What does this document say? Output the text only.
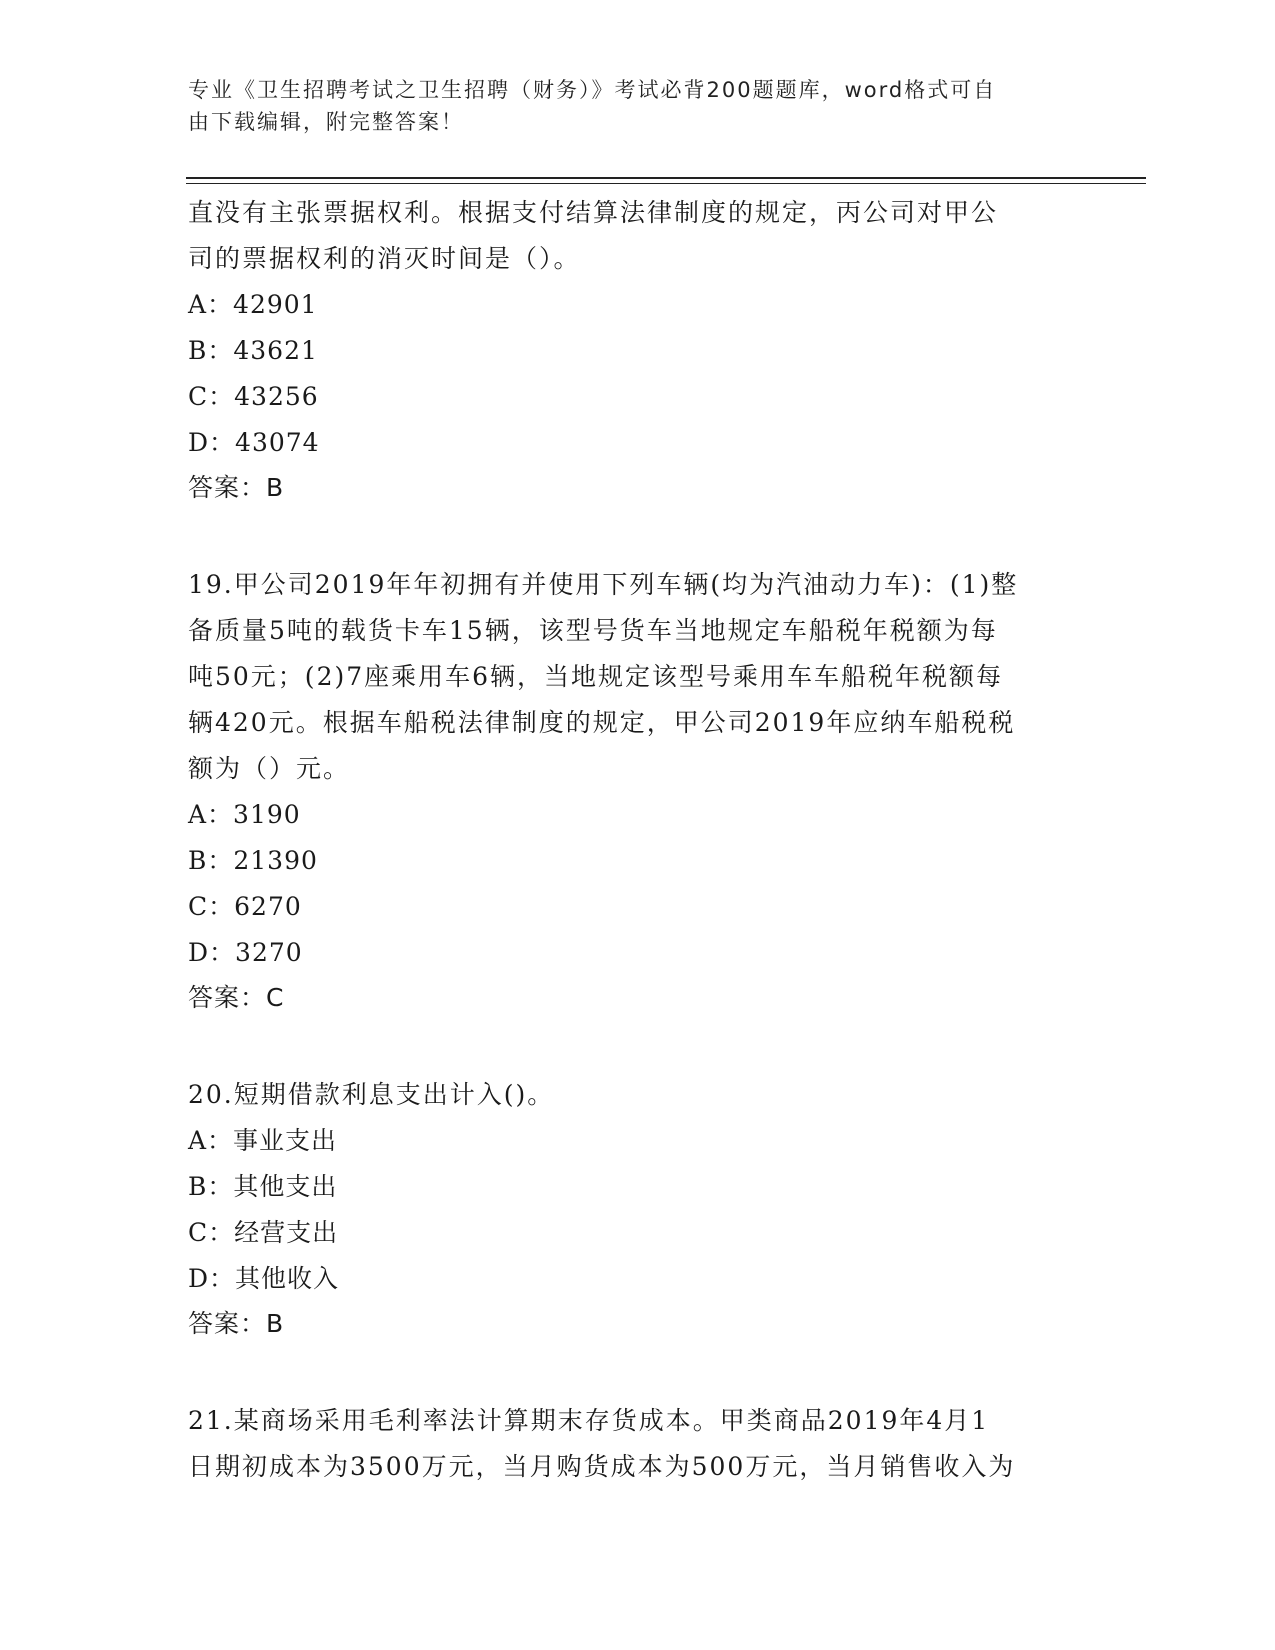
专业《卫生招聘考试之卫生招聘（财务）》考试必背200题题库，word格式可自
由下载编辑，附完整答案！
直没有主张票据权利。根据支付结算法律制度的规定，丙公司对甲公
司的票据权利的消灭时间是（）。
A：42901
B：43621
C：43256
D：43074
答案：B
19.甲公司2019年年初拥有并使用下列车辆(均为汽油动力车)：(1)整
备质量5吨的载货卡车15辆，该型号货车当地规定车船税年税额为每
吨50元；(2)7座乘用车6辆，当地规定该型号乘用车车船税年税额每
辆420元。根据车船税法律制度的规定，甲公司2019年应纳车船税税
额为（）元。
A：3190
B：21390
C：6270
D：3270
答案：C
20.短期借款利息支出计入()。
A：事业支出
B：其他支出
C：经营支出
D：其他收入
答案：B
21.某商场采用毛利率法计算期末存货成本。甲类商品2019年4月1
日期初成本为3500万元，当月购货成本为500万元，当月销售收入为
